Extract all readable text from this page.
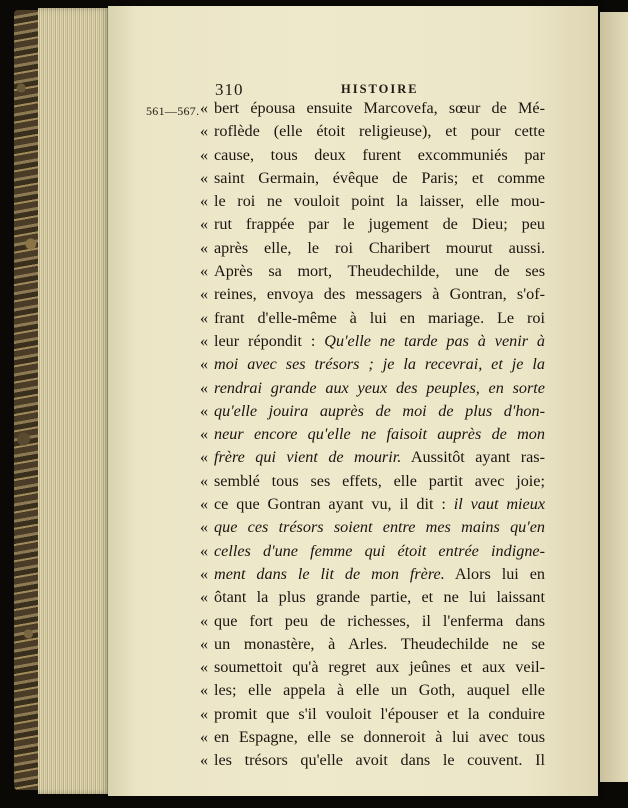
310	HISTOIRE
561—567. «bert épousa ensuite Marcovefa, sœur de Mé-
«roflède (elle étoit religieuse), et pour cette
«cause, tous deux furent excommuniés par
«saint Germain, évêque de Paris; et comme
«le roi ne vouloit point la laisser, elle mou-
«rut frappée par le jugement de Dieu; peu
«après elle, le roi Charibert mourut aussi.
«Après sa mort, Theudechilde, une de ses
«reines, envoya des messagers à Gontran, s'of-
«frant d'elle-même à lui en mariage. Le roi
«leur répondit : Qu'elle ne tarde pas à venir à
«moi avec ses trésors ; je la recevrai, et je la
«rendrai grande aux yeux des peuples, en sorte
«qu'elle jouira auprès de moi de plus d'hon-
«neur encore qu'elle ne faisoit auprès de mon
«frère qui vient de mourir. Aussitôt ayant ras-
«semblé tous ses effets, elle partit avec joie;
«ce que Gontran ayant vu, il dit : il vaut mieux
«que ces trésors soient entre mes mains qu'en
«celles d'une femme qui étoit entrée indigne-
«ment dans le lit de mon frère. Alors lui en
«ôtant la plus grande partie, et ne lui laissant
«que fort peu de richesses, il l'enferma dans
«un monastère, à Arles. Theudechilde ne se
«soumettoit qu'à regret aux jeûnes et aux veil-
«les; elle appela à elle un Goth, auquel elle
«promit que s'il vouloit l'épouser et la conduire
«en Espagne, elle se donneroit à lui avec tous
«les trésors qu'elle avoit dans le couvent. Il
